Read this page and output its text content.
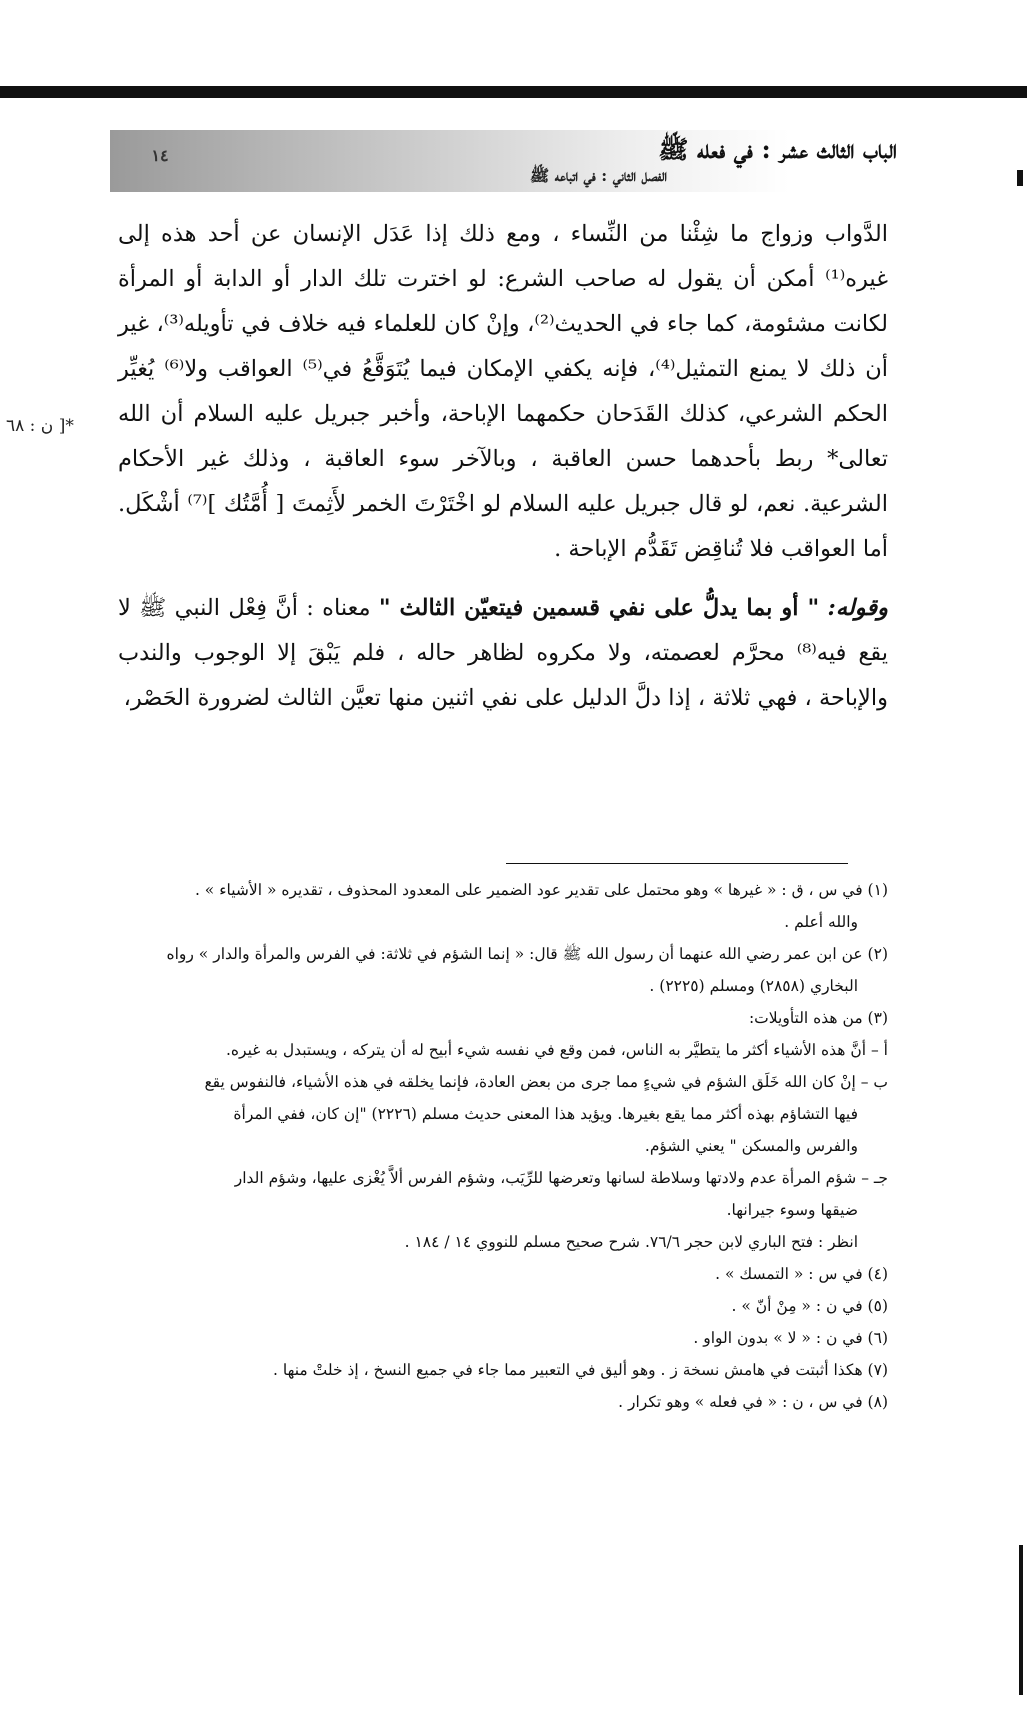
١٤	الباب الثالث عشر : في فعله ﷺ
الفصل الثاني : في اتباعه ﷺ
*[ ن : ٦٨

الدَّواب وزواج ما شِئْنا من النِّساء ، ومع ذلك إذا عَدَل الإنسان عن أحد هذه إلى غيره⁽¹⁾ أمكن أن يقول له صاحب الشرع: لو اخترت تلك الدار أو الدابة أو المرأة لكانت مشئومة، كما جاء في الحديث⁽²⁾، وإنْ كان للعلماء فيه خلاف في تأويله⁽³⁾، غير أن ذلك لا يمنع التمثيل⁽⁴⁾، فإنه يكفي الإمكان فيما يُتَوَقَّعُ في⁽⁵⁾ العواقب ولا⁽⁶⁾ يُغيِّر الحكم الشرعي، كذلك القَدَحان حكمهما الإباحة، وأخبر جبريل عليه السلام أن الله تعالى* ربط بأحدهما حسن العاقبة ، وبالآخر سوء العاقبة ، وذلك غير الأحكام الشرعية. نعم، لو قال جبريل عليه السلام لو اخْتَرْتَ الخمر لأَثِمتَ [ أُمَّتُك ]⁽⁷⁾ أشْكَل. أما العواقب فلا تُناقِض تَقَدُّم الإباحة .

وقوله: " أو بما يدلُّ على نفي قسمين فيتعيّن الثالث " معناه : أنَّ فِعْل النبي ﷺ لا يقع فيه⁽⁸⁾ محرَّم لعصمته، ولا مكروه لظاهر حاله ، فلم يَبْقَ إلا الوجوب والندب والإباحة ، فهي ثلاثة ، إذا دلَّ الدليل على نفي اثنين منها تعيَّن الثالث لضرورة الحَصْر،

(١) في س ، ق : « غيرها » وهو محتمل على تقدير عود الضمير على المعدود المحذوف ، تقديره « الأشياء » .

والله أعلم .

(٢) عن ابن عمر رضي الله عنهما أن رسول الله ﷺ قال: « إنما الشؤم في ثلاثة: في الفرس والمرأة والدار » رواه

البخاري (٢٨٥٨) ومسلم (٢٢٢٥) .

(٣) من هذه التأويلات:

أ – أنَّ هذه الأشياء أكثر ما يتطيَّر به الناس، فمن وقع في نفسه شيء أبيح له أن يتركه ، ويستبدل به غيره.

ب – إنْ كان الله خَلَق الشؤم في شيءٍ مما جرى من بعض العادة، فإنما يخلقه في هذه الأشياء، فالنفوس يقع

فيها التشاؤم بهذه أكثر مما يقع بغيرها. ويؤيد هذا المعنى حديث مسلم (٢٢٢٦) "إن كان، ففي المرأة

والفرس والمسكن " يعني الشؤم.

جـ – شؤم المرأة عدم ولادتها وسلاطة لسانها وتعرضها للرِّيَب، وشؤم الفرس ألاَّ يُغْزى عليها، وشؤم الدار

ضيقها وسوء جيرانها.

انظر : فتح الباري لابن حجر ٧٦/٦. شرح صحيح مسلم للنووي ١٤ / ١٨٤ .

(٤) في س : « التمسك » .

(٥) في ن : « مِنْ أنّ » .

(٦) في ن : « لا » بدون الواو .

(٧) هكذا أثبتت في هامش نسخة ز . وهو أليق في التعبير مما جاء في جميع النسخ ، إذ خلتْ منها .

(٨) في س ، ن : « في فعله » وهو تكرار .
